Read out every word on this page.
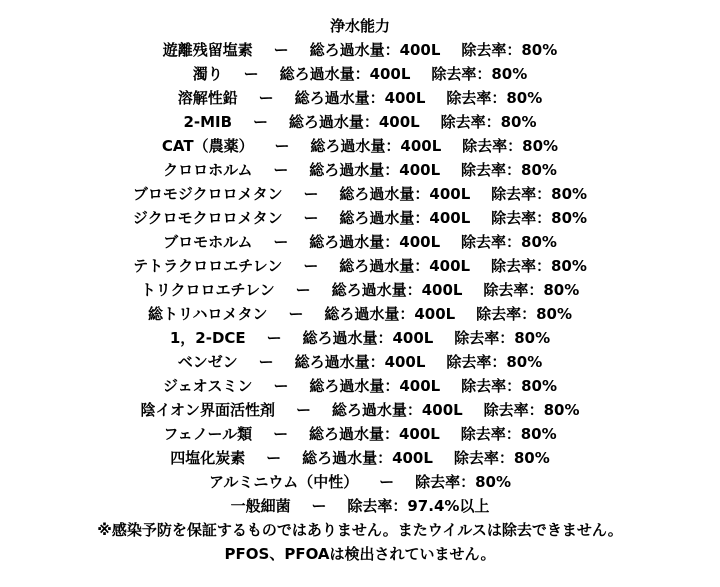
浄水能力
遊離残留塩素 ー 総ろ過水量：400L 除去率：80%
濁り ー 総ろ過水量：400L 除去率：80%
溶解性鉛 ー 総ろ過水量：400L 除去率：80%
2-MIB ー 総ろ過水量：400L 除去率：80%
CAT（農薬） ー 総ろ過水量：400L 除去率：80%
クロロホルム ー 総ろ過水量：400L 除去率：80%
ブロモジクロロメタン ー 総ろ過水量：400L 除去率：80%
ジクロモクロロメタン ー 総ろ過水量：400L 除去率：80%
ブロモホルム ー 総ろ過水量：400L 除去率：80%
テトラクロロエチレン ー 総ろ過水量：400L 除去率：80%
トリクロロエチレン ー 総ろ過水量：400L 除去率：80%
総トリハロメタン ー 総ろ過水量：400L 除去率：80%
1，2-DCE ー 総ろ過水量：400L 除去率：80%
ベンゼン ー 総ろ過水量：400L 除去率：80%
ジェオスミン ー 総ろ過水量：400L 除去率：80%
陰イオン界面活性剤 ー 総ろ過水量：400L 除去率：80%
フェノール類 ー 総ろ過水量：400L 除去率：80%
四塩化炭素 ー 総ろ過水量：400L 除去率：80%
アルミニウム（中性） ー 除去率：80%
一般細菌 ー 除去率：97.4%以上
※感染予防を保証するものではありません。またウイルスは除去できません。
PFOS、PFOAは検出されていません。
